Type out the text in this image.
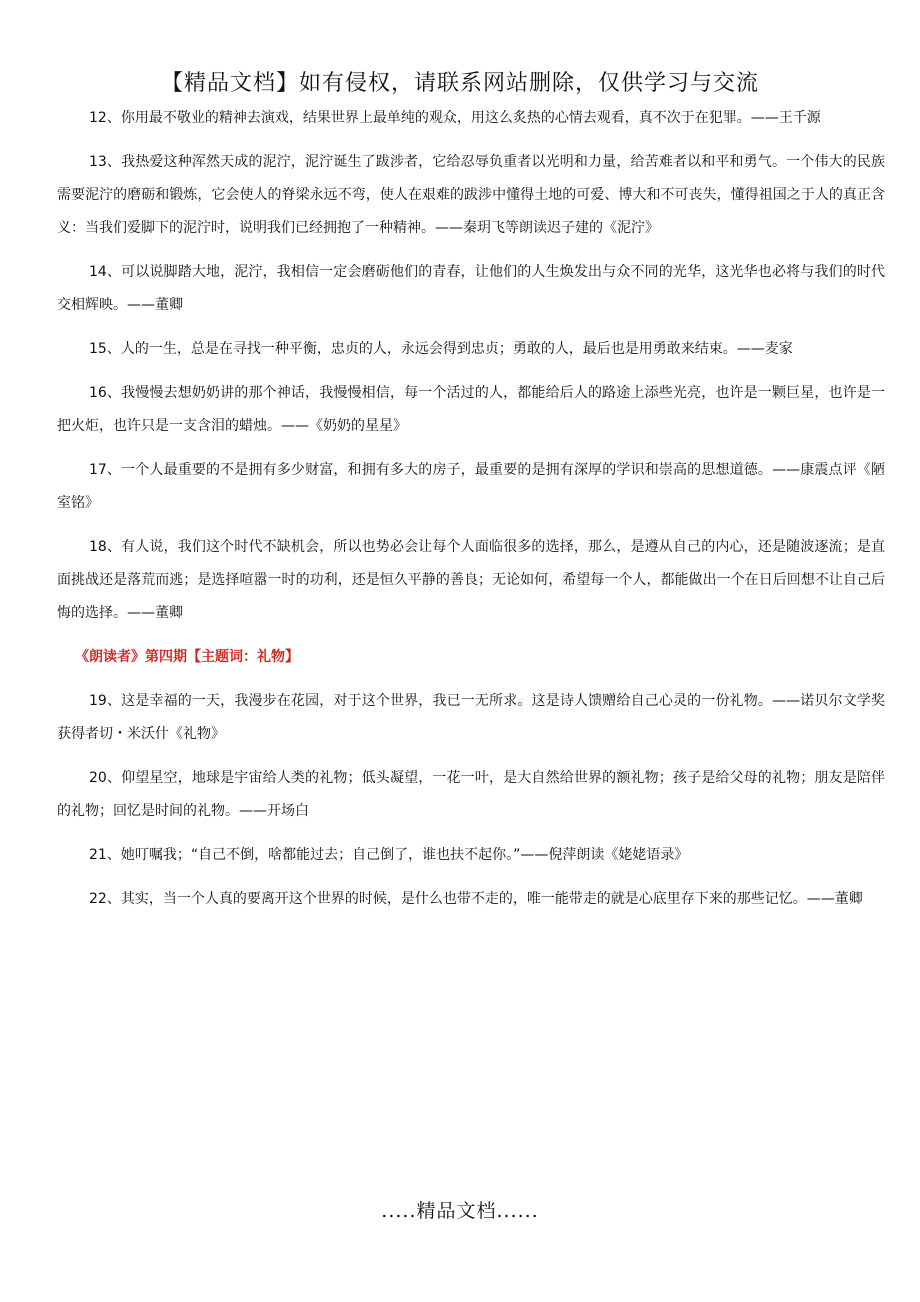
【精品文档】如有侵权，请联系网站删除，仅供学习与交流

12、你用最不敬业的精神去演戏，结果世界上最单纯的观众，用这么炙热的心情去观看，真不次于在犯罪。——王千源

13、我热爱这种浑然天成的泥泞，泥泞诞生了跋涉者，它给忍辱负重者以光明和力量，给苦难者以和平和勇气。一个伟大的民族需要泥泞的磨砺和锻炼，它会使人的脊梁永远不弯，使人在艰难的跋涉中懂得土地的可爱、博大和不可丧失，懂得祖国之于人的真正含义：当我们爱脚下的泥泞时，说明我们已经拥抱了一种精神。——秦玥飞等朗读迟子建的《泥泞》

14、可以说脚踏大地，泥泞，我相信一定会磨砺他们的青春，让他们的人生焕发出与众不同的光华，这光华也必将与我们的时代交相辉映。——董卿

15、人的一生，总是在寻找一种平衡，忠贞的人，永远会得到忠贞；勇敢的人，最后也是用勇敢来结束。——麦家

16、我慢慢去想奶奶讲的那个神话，我慢慢相信，每一个活过的人，都能给后人的路途上添些光亮，也许是一颗巨星，也许是一把火炬，也许只是一支含泪的蜡烛。——《奶奶的星星》

17、一个人最重要的不是拥有多少财富，和拥有多大的房子，最重要的是拥有深厚的学识和崇高的思想道德。——康震点评《陋室铭》

18、有人说，我们这个时代不缺机会，所以也势必会让每个人面临很多的选择，那么，是遵从自己的内心，还是随波逐流；是直面挑战还是落荒而逃；是选择喧嚣一时的功利，还是恒久平静的善良；无论如何，希望每一个人，都能做出一个在日后回想不让自己后悔的选择。——董卿

《朗读者》第四期【主题词：礼物】

19、这是幸福的一天，我漫步在花园，对于这个世界，我已一无所求。这是诗人馈赠给自己心灵的一份礼物。——诺贝尔文学奖获得者切・米沃什《礼物》

20、仰望星空，地球是宇宙给人类的礼物；低头凝望，一花一叶，是大自然给世界的额礼物；孩子是给父母的礼物；朋友是陪伴的礼物；回忆是时间的礼物。——开场白

21、她叮嘱我；“自己不倒，啥都能过去；自己倒了，谁也扶不起你。”——倪萍朗读《姥姥语录》

22、其实，当一个人真的要离开这个世界的时候，是什么也带不走的，唯一能带走的就是心底里存下来的那些记忆。——董卿

.....精品文档......
